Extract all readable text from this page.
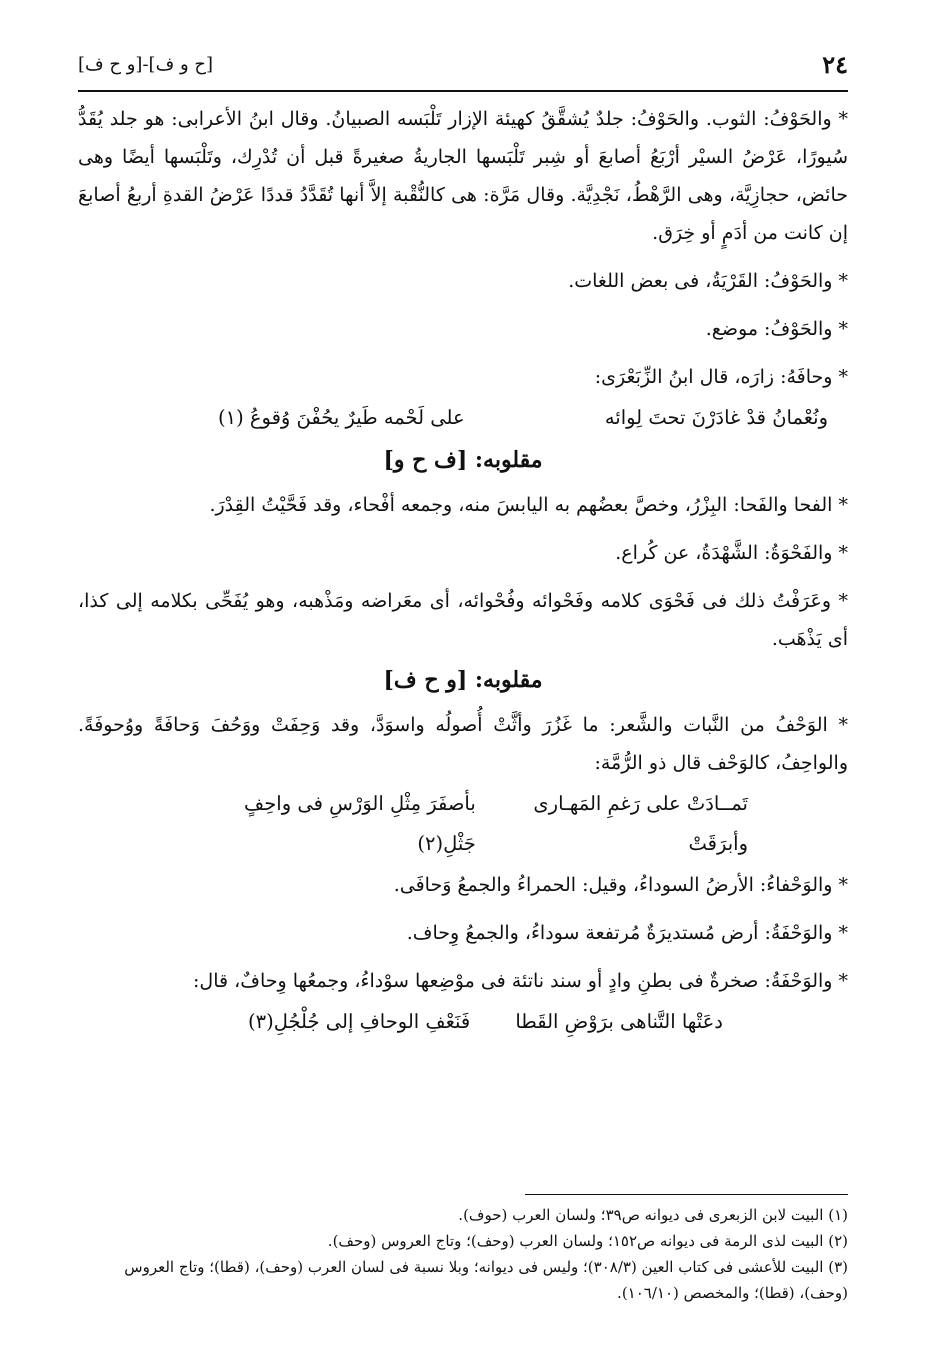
٢٤
[ح و ف]-[و ح ف]

* والحَوْفُ: الثوب. والحَوْفُ: جلدٌ يُشقَّقُ كهيئة الإزار تَلْبَسه الصبيانُ. وقال ابنُ الأعرابى: هو جلد يُقَدُّ سُيورًا، عَرْضُ السيْر أرْبَعُ أصابعَ أو شِبر تَلْبَسها الجاريةُ صغيرةً قبل أن تُدْرِك، وتَلْبَسها أيضًا وهى حائض، حجازِيَّة، وهى الرَّهْطُ، نَجْدِيَّة. وقال مَرَّة: هى كالنُّقْبة إلاَّ أنها تُقَدَّدُ قددًا عَرْضُ القدةِ أربعُ أصابعَ إن كانت من أدَمٍ أو خِرَق.

* والحَوْفُ: القَرْيَةُ، فى بعض اللغات.

* والحَوْفُ: موضع.

* وحافَهُ: زارَه، قال ابنُ الزِّبَعْرَى:

ونُعْمانُ قدْ غادَرْنَ تحتَ لِوائه
على لَحْمه طَيرٌ يحُفْنَ وُقوعُ (١)
مقلوبه: [ف ح و]

* الفحا والفَحا: البِزْرُ، وخصَّ بعضُهم به اليابسَ منه، وجمعه أفْحاء، وقد فَحَّيْتُ القِدْرَ.

* والفَحْوَةُ: الشَّهْدَةُ، عن كُراع.

* وعَرَفْتُ ذلك فى فَحْوَى كلامه وفَحْوائه وفُحْوائه، أى معَراضه ومَذْهبه، وهو يُفَحِّى بكلامه إلى كذا، أى يَذْهَب.

مقلوبه: [و ح ف]

* الوَحْفُ من النَّبات والشَّعر: ما غَزُرَ وأثَّتْ أُصولُه واسوَدَّ، وقد وَحِفَتْ ووَحُفَ وَحافَةً ووُحوفَةً. والواحِفُ، كالوَحْف قال ذو الرُّمَّة:

تَمــادَتْ على رَغمِ المَهـارى وأبرَقَتْ
بأصفَرَ مِثْلِ الوَرْسِ فى واحِفٍ جَثْلِ(٢)

* والوَحْفاءُ: الأرضُ السوداءُ، وقيل: الحمراءُ والجمعُ وَحافَى.

* والوَحْفَةُ: أرض مُستديرَةٌ مُرتفعة سوداءُ، والجمعُ وِحاف.

* والوَحْفَةُ: صخرةٌ فى بطنِ وادٍ أو سند ناتئة فى موْضِعها سوْداءُ، وجمعُها وِحافٌ، قال:

دعَتْها التَّناهى برَوْضِ القَطا
فَنَعْفِ الوحافِ إلى جُلْجُلِ(٣)

(١) البيت لابن الزبعرى فى ديوانه ص٣٩؛ ولسان العرب (حوف).

(٢) البيت لذى الرمة فى ديوانه ص١٥٢؛ ولسان العرب (وحف)؛ وتاج العروس (وحف).

(٣) البيت للأعشى فى كتاب العين (٣٠٨/٣)؛ وليس فى ديوانه؛ وبلا نسبة فى لسان العرب (وحف)، (قطا)؛ وتاج العروس (وحف)، (قطا)؛ والمخصص (١٠٦/١٠).
